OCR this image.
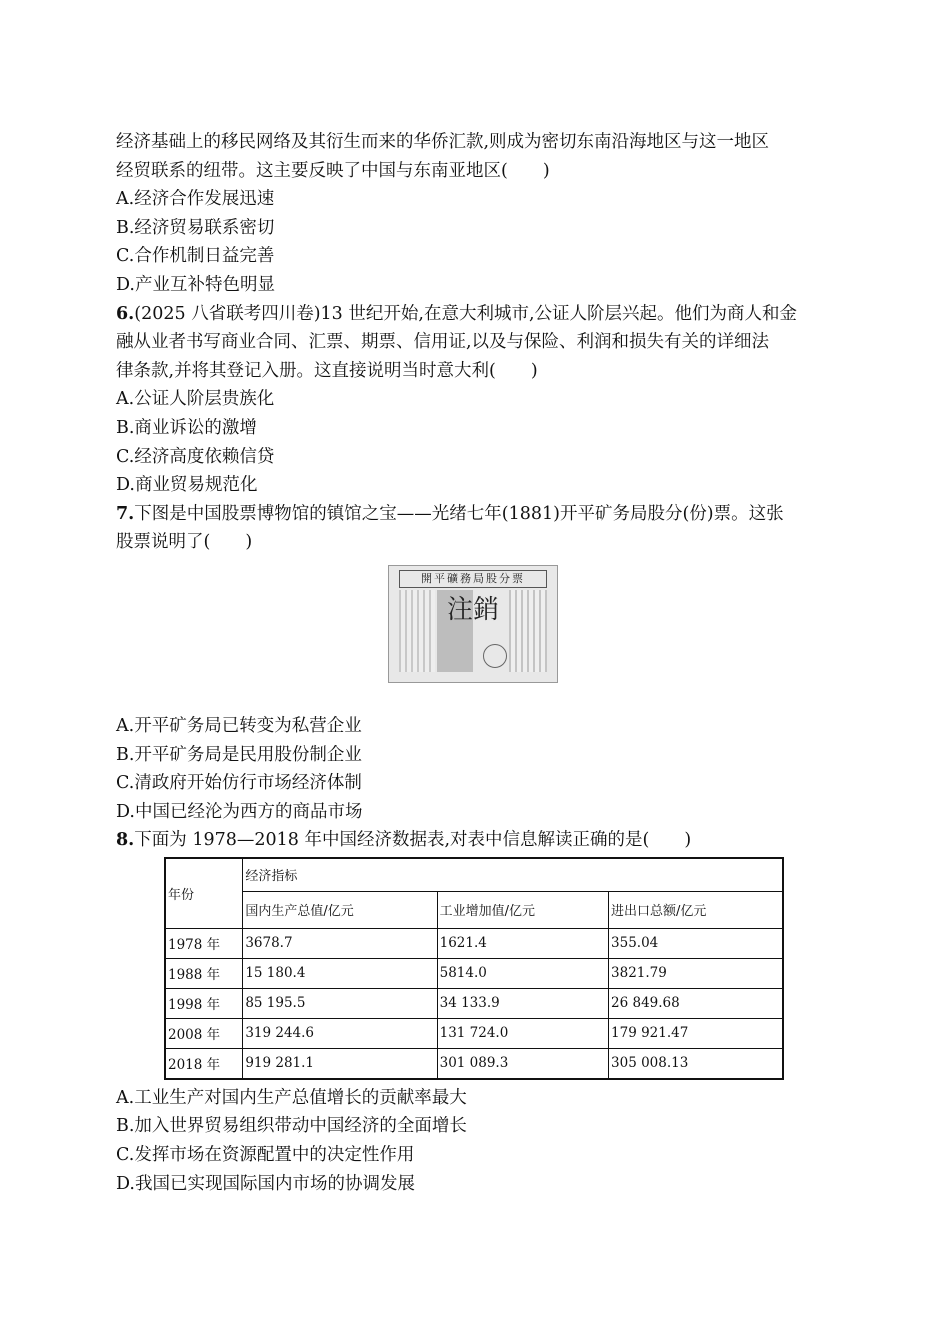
经济基础上的移民网络及其衍生而来的华侨汇款,则成为密切东南沿海地区与这一地区
经贸联系的纽带。这主要反映了中国与东南亚地区(　　)
A.经济合作发展迅速
B.经济贸易联系密切
C.合作机制日益完善
D.产业互补特色明显
6.(2025 八省联考四川卷)13 世纪开始,在意大利城市,公证人阶层兴起。他们为商人和金
融从业者书写商业合同、汇票、期票、信用证,以及与保险、利润和损失有关的详细法
律条款,并将其登记入册。这直接说明当时意大利(　　)
A.公证人阶层贵族化
B.商业诉讼的激增
C.经济高度依赖信贷
D.商业贸易规范化
7.下图是中国股票博物馆的镇馆之宝——光绪七年(1881)开平矿务局股分(份)票。这张
股票说明了(　　)
開平礦務局股分票
注銷
A.开平矿务局已转变为私营企业
B.开平矿务局是民用股份制企业
C.清政府开始仿行市场经济体制
D.中国已经沦为西方的商品市场
8.下面为 1978—2018 年中国经济数据表,对表中信息解读正确的是(　　)
年份	经济指标		
	国内生产总值/亿元	工业增加值/亿元	进出口总额/亿元
1978 年	3678.7	1621.4	355.04
1988 年	15 180.4	5814.0	3821.79
1998 年	85 195.5	34 133.9	26 849.68
2008 年	319 244.6	131 724.0	179 921.47
2018 年	919 281.1	301 089.3	305 008.13
A.工业生产对国内生产总值增长的贡献率最大
B.加入世界贸易组织带动中国经济的全面增长
C.发挥市场在资源配置中的决定性作用
D.我国已实现国际国内市场的协调发展
